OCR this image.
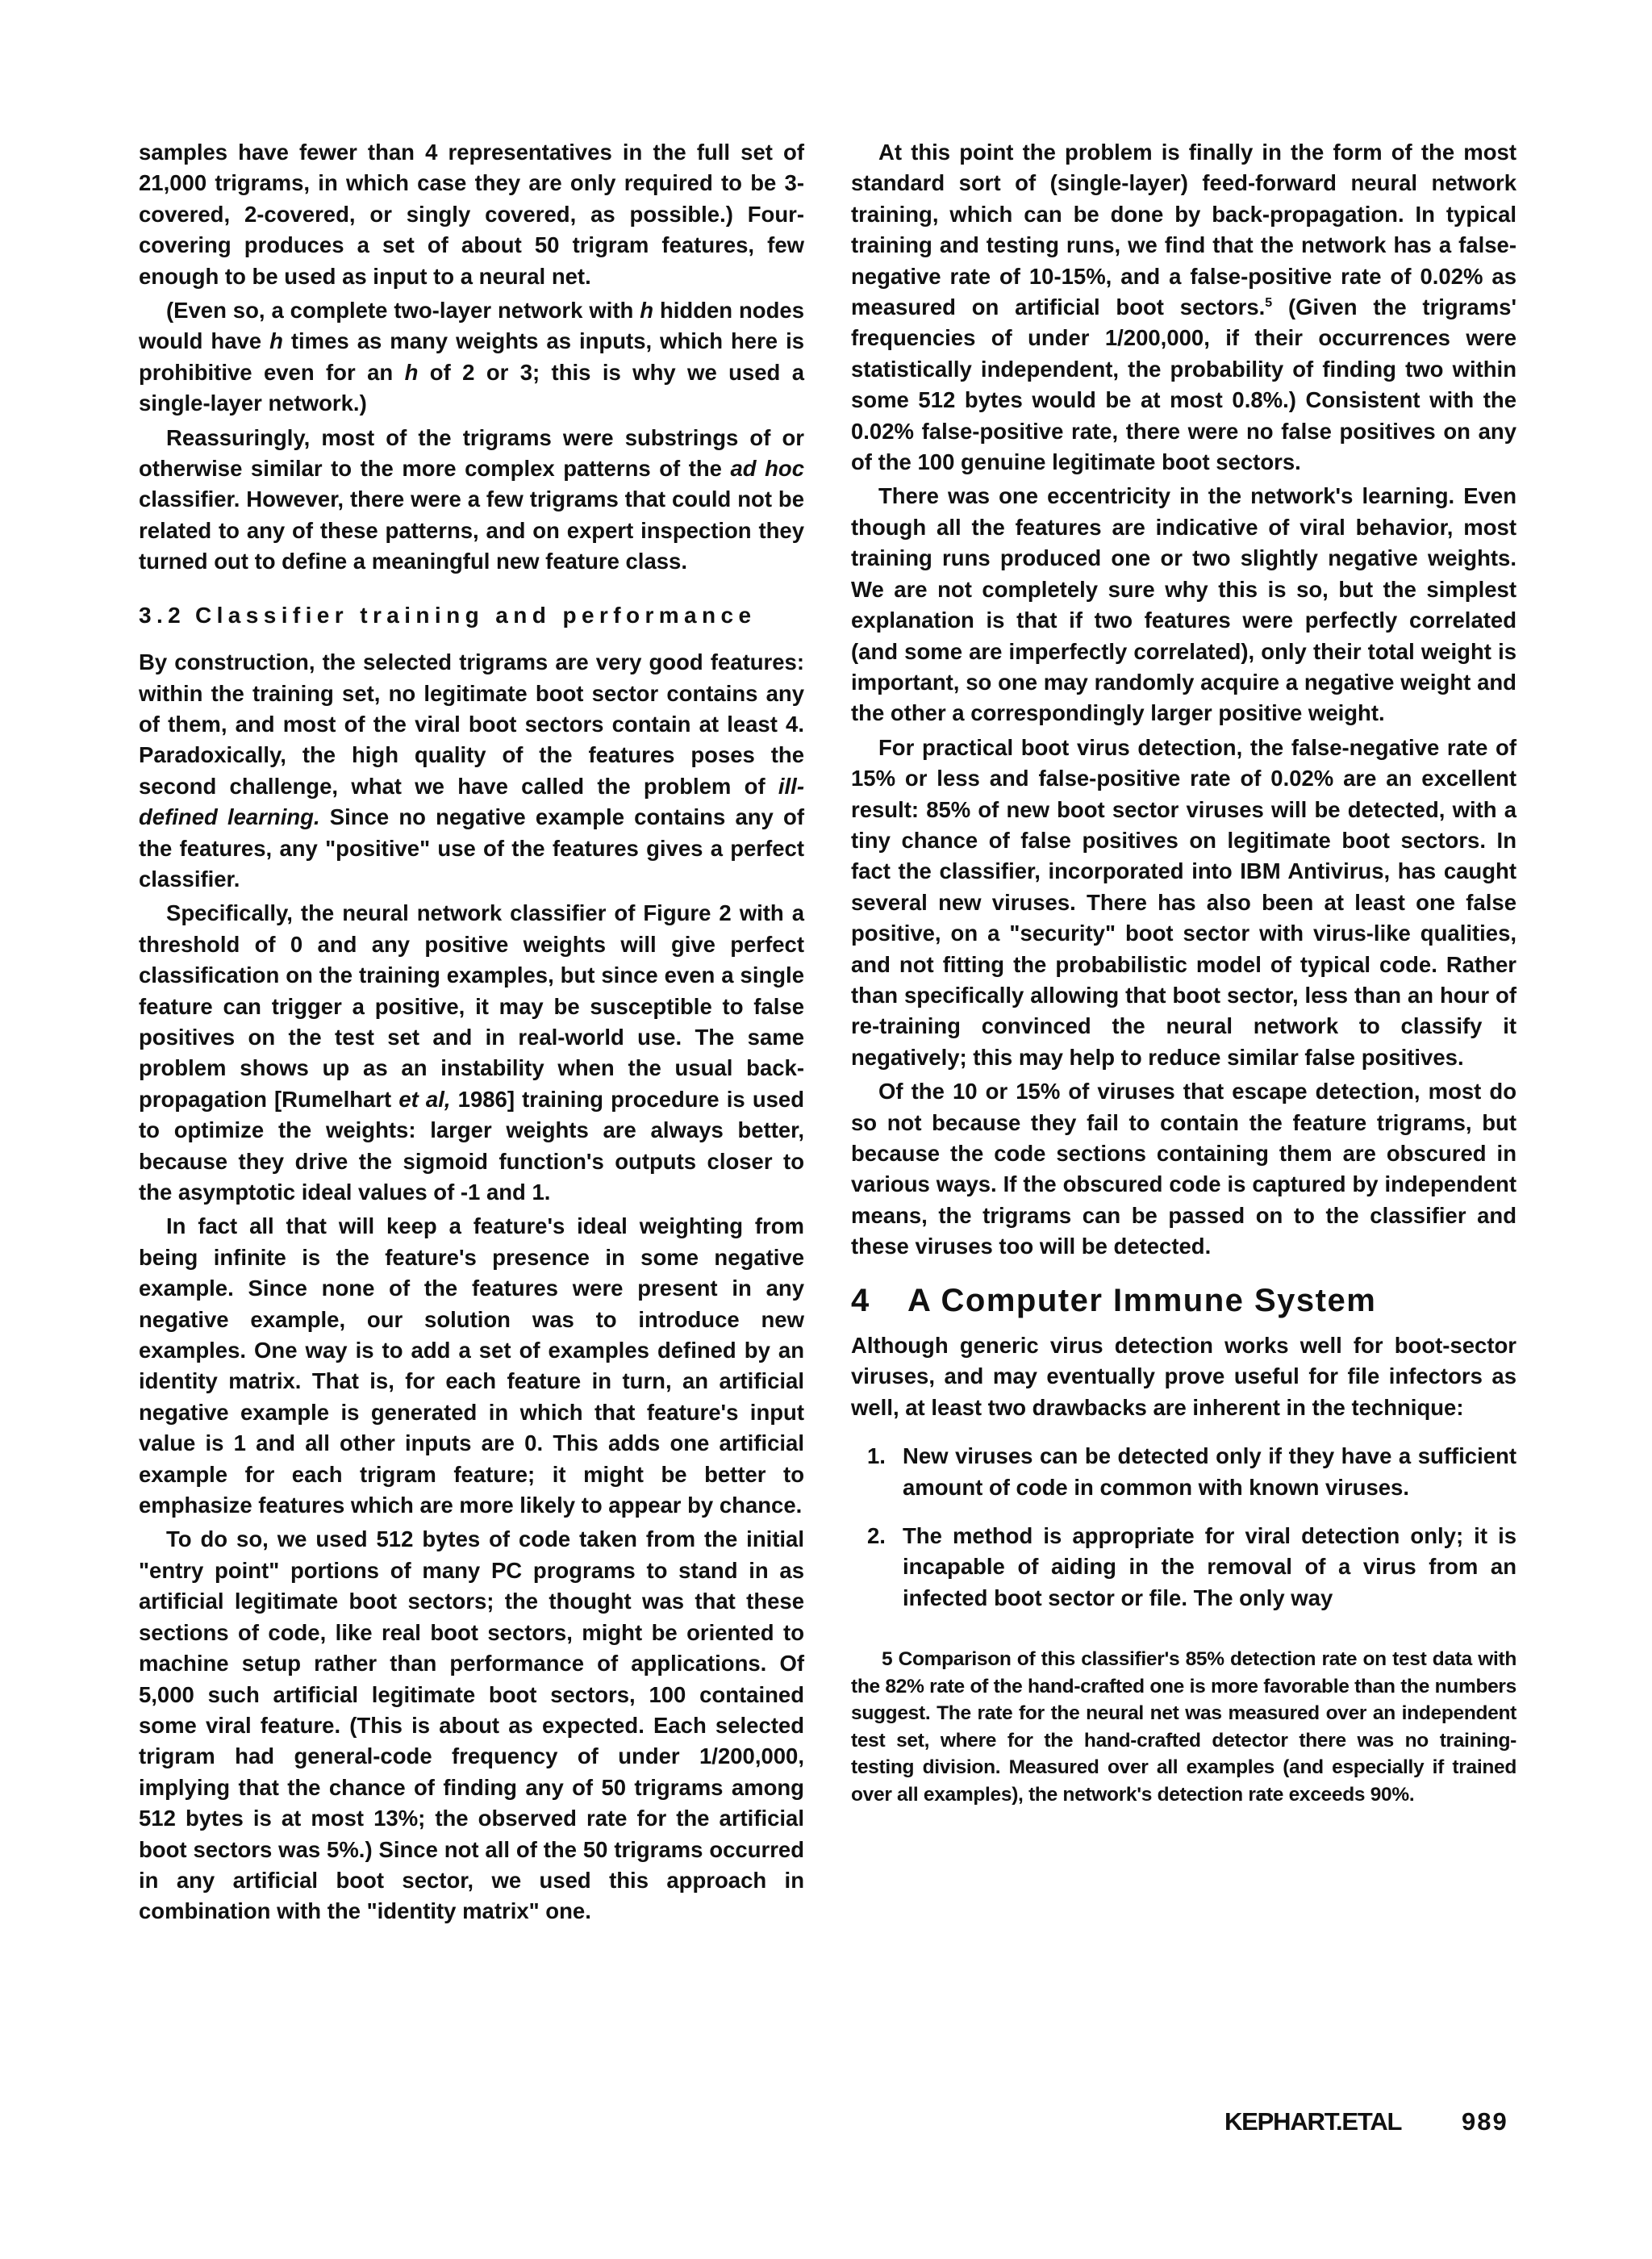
samples have fewer than 4 representatives in the full set of 21,000 trigrams, in which case they are only required to be 3-covered, 2-covered, or singly covered, as possible.) Four-covering produces a set of about 50 trigram features, few enough to be used as input to a neural net.

(Even so, a complete two-layer network with h hidden nodes would have h times as many weights as inputs, which here is prohibitive even for an h of 2 or 3; this is why we used a single-layer network.)

Reassuringly, most of the trigrams were substrings of or otherwise similar to the more complex patterns of the ad hoc classifier. However, there were a few trigrams that could not be related to any of these patterns, and on expert inspection they turned out to define a meaningful new feature class.

3.2 Classifier training and performance

By construction, the selected trigrams are very good features: within the training set, no legitimate boot sector contains any of them, and most of the viral boot sectors contain at least 4. Paradoxically, the high quality of the features poses the second challenge, what we have called the problem of ill-defined learning. Since no negative example contains any of the features, any "positive" use of the features gives a perfect classifier.

Specifically, the neural network classifier of Figure 2 with a threshold of 0 and any positive weights will give perfect classification on the training examples, but since even a single feature can trigger a positive, it may be susceptible to false positives on the test set and in real-world use. The same problem shows up as an instability when the usual back-propagation [Rumelhart et al, 1986] training procedure is used to optimize the weights: larger weights are always better, because they drive the sigmoid function's outputs closer to the asymptotic ideal values of -1 and 1.

In fact all that will keep a feature's ideal weighting from being infinite is the feature's presence in some negative example. Since none of the features were present in any negative example, our solution was to introduce new examples. One way is to add a set of examples defined by an identity matrix. That is, for each feature in turn, an artificial negative example is generated in which that feature's input value is 1 and all other inputs are 0. This adds one artificial example for each trigram feature; it might be better to emphasize features which are more likely to appear by chance.

To do so, we used 512 bytes of code taken from the initial "entry point" portions of many PC programs to stand in as artificial legitimate boot sectors; the thought was that these sections of code, like real boot sectors, might be oriented to machine setup rather than performance of applications. Of 5,000 such artificial legitimate boot sectors, 100 contained some viral feature. (This is about as expected. Each selected trigram had general-code frequency of under 1/200,000, implying that the chance of finding any of 50 trigrams among 512 bytes is at most 13%; the observed rate for the artificial boot sectors was 5%.) Since not all of the 50 trigrams occurred in any artificial boot sector, we used this approach in combination with the "identity matrix" one.

At this point the problem is finally in the form of the most standard sort of (single-layer) feed-forward neural network training, which can be done by back-propagation. In typical training and testing runs, we find that the network has a false-negative rate of 10-15%, and a false-positive rate of 0.02% as measured on artificial boot sectors.$^5$ (Given the trigrams' frequencies of under 1/200,000, if their occurrences were statistically independent, the probability of finding two within some 512 bytes would be at most 0.8%.) Consistent with the 0.02% false-positive rate, there were no false positives on any of the 100 genuine legitimate boot sectors.

There was one eccentricity in the network's learning. Even though all the features are indicative of viral behavior, most training runs produced one or two slightly negative weights. We are not completely sure why this is so, but the simplest explanation is that if two features were perfectly correlated (and some are imperfectly correlated), only their total weight is important, so one may randomly acquire a negative weight and the other a correspondingly larger positive weight.

For practical boot virus detection, the false-negative rate of 15% or less and false-positive rate of 0.02% are an excellent result: 85% of new boot sector viruses will be detected, with a tiny chance of false positives on legitimate boot sectors. In fact the classifier, incorporated into IBM Antivirus, has caught several new viruses. There has also been at least one false positive, on a "security" boot sector with virus-like qualities, and not fitting the probabilistic model of typical code. Rather than specifically allowing that boot sector, less than an hour of re-training convinced the neural network to classify it negatively; this may help to reduce similar false positives.

Of the 10 or 15% of viruses that escape detection, most do so not because they fail to contain the feature trigrams, but because the code sections containing them are obscured in various ways. If the obscured code is captured by independent means, the trigrams can be passed on to the classifier and these viruses too will be detected.

4 A Computer Immune System

Although generic virus detection works well for boot-sector viruses, and may eventually prove useful for file infectors as well, at least two drawbacks are inherent in the technique:

1. New viruses can be detected only if they have a sufficient amount of code in common with known viruses.
2. The method is appropriate for viral detection only; it is incapable of aiding in the removal of a virus from an infected boot sector or file. The only way
5 Comparison of this classifier's 85% detection rate on test data with the 82% rate of the hand-crafted one is more favorable than the numbers suggest. The rate for the neural net was measured over an independent test set, where for the hand-crafted detector there was no training-testing division. Measured over all examples (and especially if trained over all examples), the network's detection rate exceeds 90%.
KEPHART.ETAL 989
